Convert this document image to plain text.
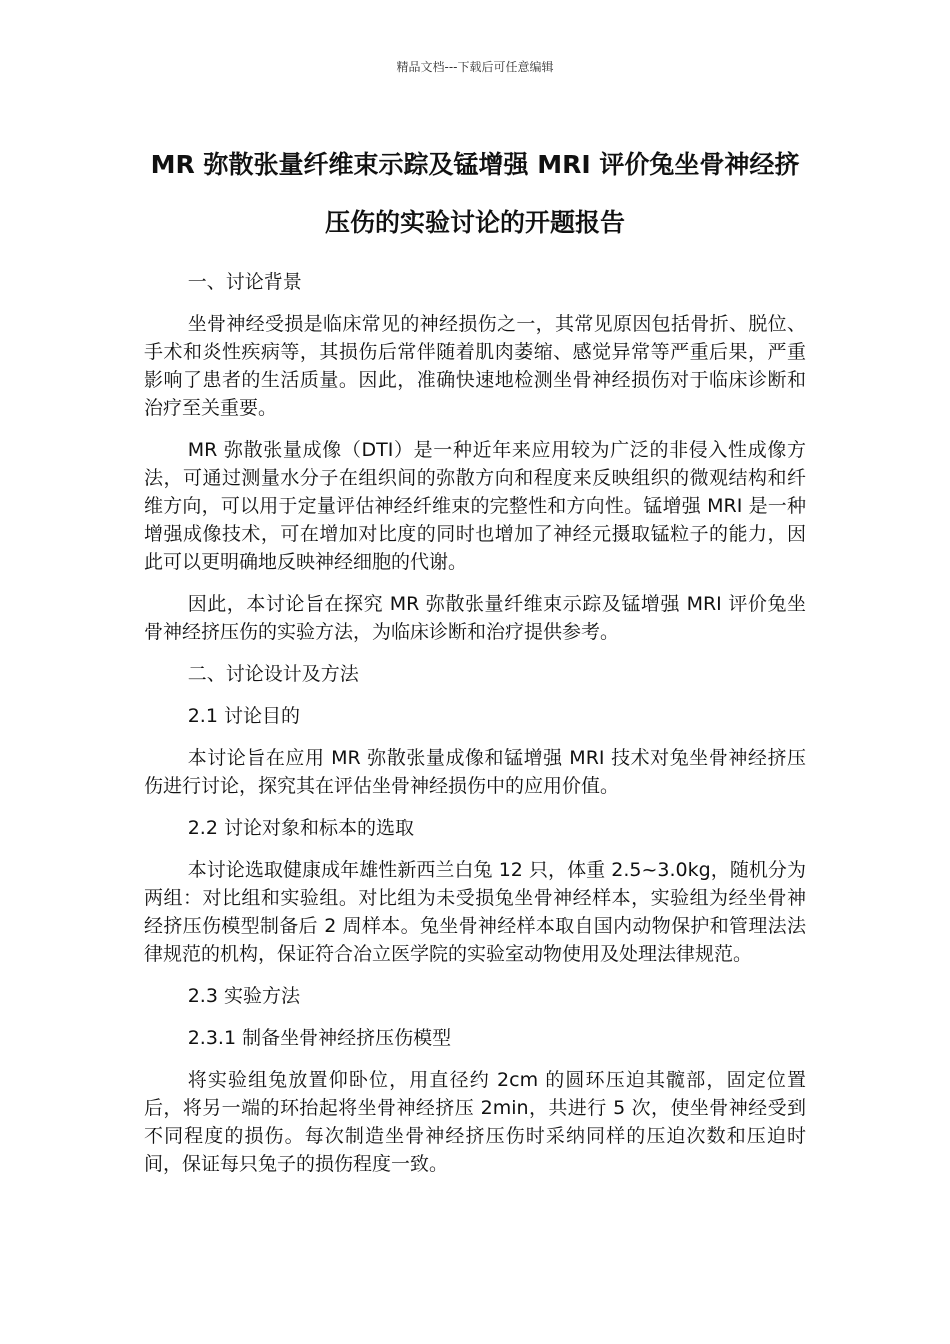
精品文档---下载后可任意编辑
MR 弥散张量纤维束示踪及锰增强 MRI 评价兔坐骨神经挤压伤的实验讨论的开题报告

一、讨论背景

坐骨神经受损是临床常见的神经损伤之一，其常见原因包括骨折、脱位、手术和炎性疾病等，其损伤后常伴随着肌肉萎缩、感觉异常等严重后果，严重影响了患者的生活质量。因此，准确快速地检测坐骨神经损伤对于临床诊断和治疗至关重要。

MR 弥散张量成像（DTI）是一种近年来应用较为广泛的非侵入性成像方法，可通过测量水分子在组织间的弥散方向和程度来反映组织的微观结构和纤维方向，可以用于定量评估神经纤维束的完整性和方向性。锰增强 MRI 是一种增强成像技术，可在增加对比度的同时也增加了神经元摄取锰粒子的能力，因此可以更明确地反映神经细胞的代谢。

因此，本讨论旨在探究 MR 弥散张量纤维束示踪及锰增强 MRI 评价兔坐骨神经挤压伤的实验方法，为临床诊断和治疗提供参考。

二、讨论设计及方法

2.1 讨论目的

本讨论旨在应用 MR 弥散张量成像和锰增强 MRI 技术对兔坐骨神经挤压伤进行讨论，探究其在评估坐骨神经损伤中的应用价值。

2.2 讨论对象和标本的选取

本讨论选取健康成年雄性新西兰白兔 12 只，体重 2.5~3.0kg，随机分为两组：对比组和实验组。对比组为未受损兔坐骨神经样本，实验组为经坐骨神经挤压伤模型制备后 2 周样本。兔坐骨神经样本取自国内动物保护和管理法法律规范的机构，保证符合冶立医学院的实验室动物使用及处理法律规范。

2.3 实验方法

2.3.1 制备坐骨神经挤压伤模型

将实验组兔放置仰卧位，用直径约 2cm 的圆环压迫其髋部，固定位置后，将另一端的环抬起将坐骨神经挤压 2min，共进行 5 次，使坐骨神经受到不同程度的损伤。每次制造坐骨神经挤压伤时采纳同样的压迫次数和压迫时间，保证每只兔子的损伤程度一致。
